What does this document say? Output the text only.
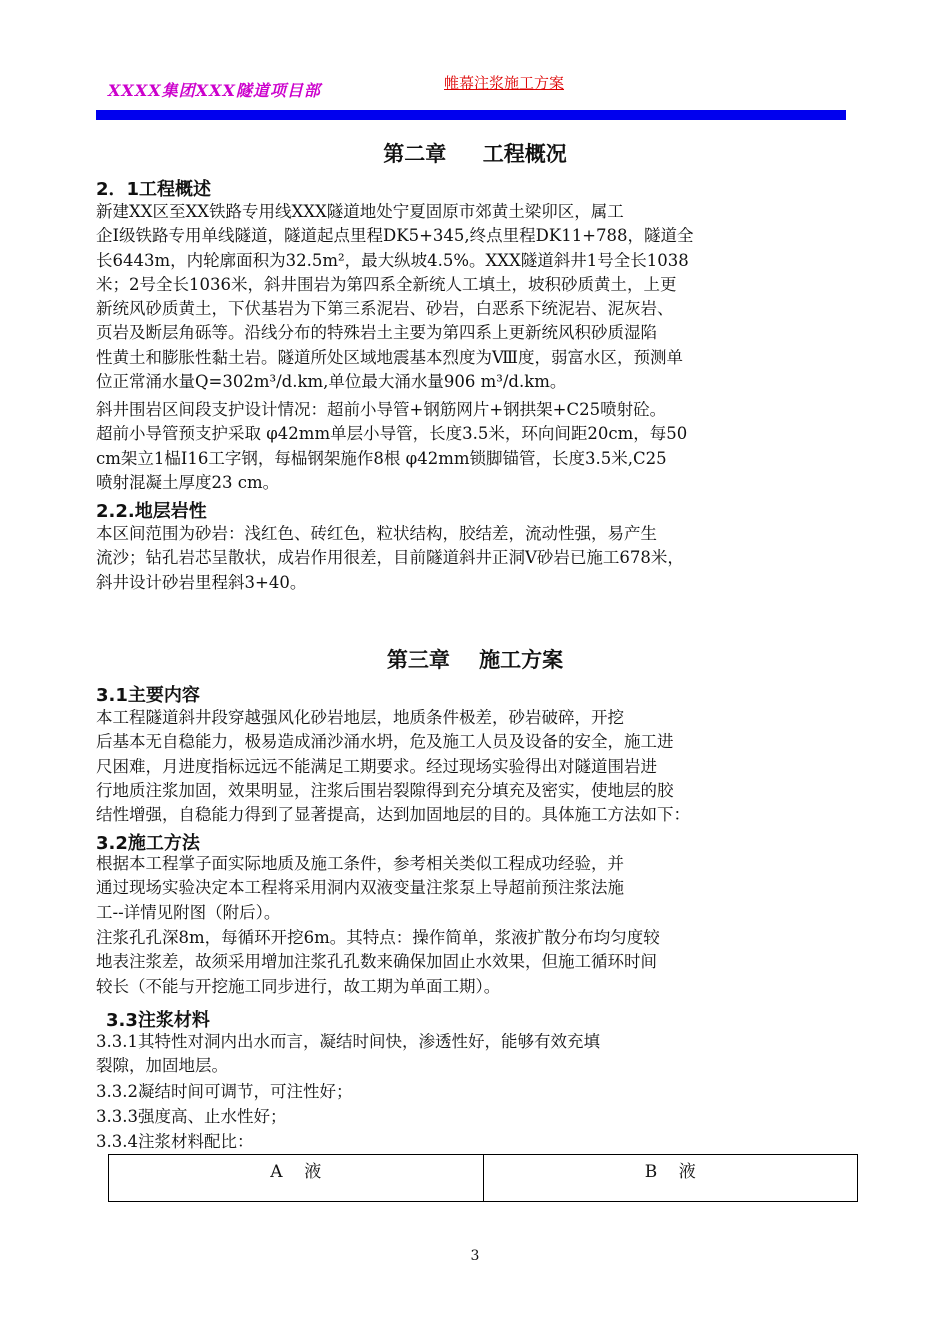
XXXX集团XXX隧道项目部	帷幕注浆施工方案
第二章     工程概况
2．1工程概述
新建XX区至XX铁路专用线XXX隧道地处宁夏固原市郊黄土梁卯区，属工
企Ⅰ级铁路专用单线隧道，隧道起点里程DK5+345,终点里程DK11+788，隧道全
长6443m，内轮廓面积为32.5m²，最大纵坡4.5%。XXX隧道斜井1号全长1038
米；2号全长1036米，斜井围岩为第四系全新统人工填土，坡积砂质黄土，上更
新统风砂质黄土，下伏基岩为下第三系泥岩、砂岩，白恶系下统泥岩、泥灰岩、
页岩及断层角砾等。沿线分布的特殊岩土主要为第四系上更新统风积砂质湿陷
性黄土和膨胀性黏土岩。隧道所处区域地震基本烈度为Ⅷ度，弱富水区，预测单
位正常涌水量Q=302m³/d.km,单位最大涌水量906 m³/d.km。
斜井围岩区间段支护设计情况：超前小导管+钢筋网片+钢拱架+C25喷射砼。
超前小导管预支护采取 φ42mm单层小导管，长度3.5米，环向间距20cm，每50
cm架立1榀I16工字钢，每榀钢架施作8根 φ42mm锁脚锚管，长度3.5米,C25
喷射混凝土厚度23 cm。
2.2.地层岩性
本区间范围为砂岩：浅红色、砖红色，粒状结构，胶结差，流动性强，易产生
流沙；钻孔岩芯呈散状，成岩作用很差，目前隧道斜井正洞Ⅴ砂岩已施工678米，
斜井设计砂岩里程斜3+40。
第三章    施工方案
3.1主要内容
本工程隧道斜井段穿越强风化砂岩地层，地质条件极差，砂岩破碎，开挖
后基本无自稳能力，极易造成涌沙涌水坍，危及施工人员及设备的安全，施工进
尺困难，月进度指标远远不能满足工期要求。经过现场实验得出对隧道围岩进
行地质注浆加固，效果明显，注浆后围岩裂隙得到充分填充及密实，使地层的胶
结性增强，自稳能力得到了显著提高，达到加固地层的目的。具体施工方法如下：
3.2施工方法
根据本工程掌子面实际地质及施工条件，参考相关类似工程成功经验，并
通过现场实验决定本工程将采用洞内双液变量注浆泵上导超前预注浆法施
工--详情见附图（附后）。
注浆孔孔深8m，每循环开挖6m。其特点：操作简单，浆液扩散分布均匀度较
地表注浆差，故须采用增加注浆孔孔数来确保加固止水效果，但施工循环时间
较长（不能与开挖施工同步进行，故工期为单面工期）。
3.3注浆材料
3.3.1其特性对洞内出水而言，凝结时间快，渗透性好，能够有效充填
裂隙，加固地层。
3.3.2凝结时间可调节，可注性好；
3.3.3强度高、止水性好；
3.3.4注浆材料配比：
A    液	B    液
3
